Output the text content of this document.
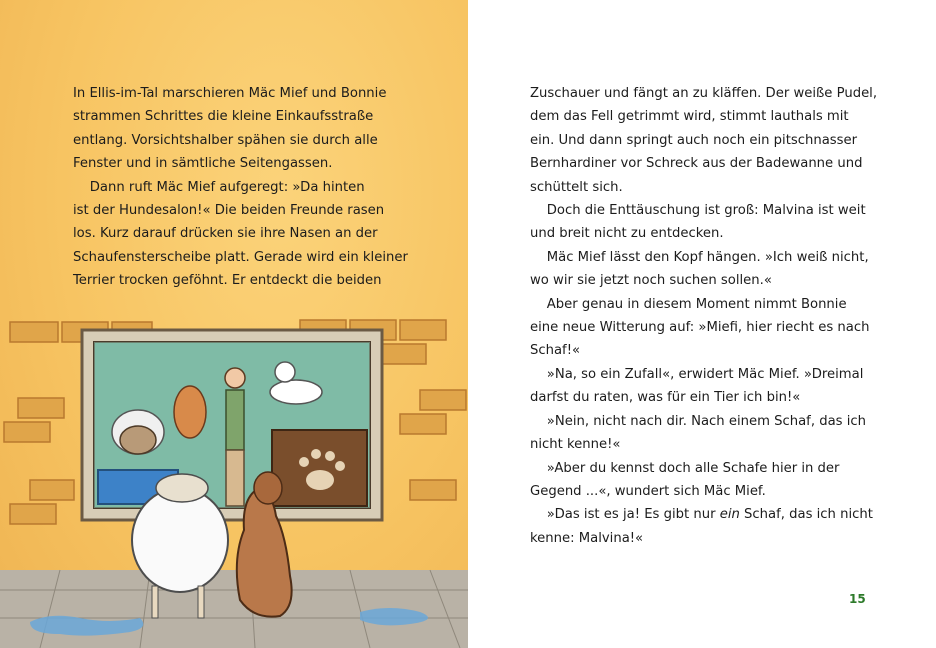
In Ellis-im-Tal marschieren Mäc Mief und Bonnie

strammen Schrittes die kleine Einkaufsstraße

entlang. Vorsichtshalber spähen sie durch alle

Fenster und in sämtliche Seitengassen.

Dann ruft Mäc Mief aufgeregt: »Da hinten

ist der Hundesalon!« Die beiden Freunde rasen

los. Kurz darauf drücken sie ihre Nasen an der

Schaufensterscheibe platt. Gerade wird ein kleiner

Terrier trocken geföhnt. Er entdeckt die beiden

Zuschauer und fängt an zu kläffen. Der weiße Pudel,

dem das Fell getrimmt wird, stimmt lauthals mit

ein. Und dann springt auch noch ein pitschnasser

Bernhardiner vor Schreck aus der Badewanne und

schüttelt sich.

Doch die Enttäuschung ist groß: Malvina ist weit

und breit nicht zu entdecken.

Mäc Mief lässt den Kopf hängen. »Ich weiß nicht,

wo wir sie jetzt noch suchen sollen.«

Aber genau in diesem Moment nimmt Bonnie

eine neue Witterung auf: »Miefi, hier riecht es nach

Schaf!«

»Na, so ein Zufall«, erwidert Mäc Mief. »Dreimal

darfst du raten, was für ein Tier ich bin!«

»Nein, nicht nach dir. Nach einem Schaf, das ich

nicht kenne!«

»Aber du kennst doch alle Schafe hier in der

Gegend ...«, wundert sich Mäc Mief.

»Das ist es ja! Es gibt nur ein Schaf, das ich nicht

kenne: Malvina!«

15
